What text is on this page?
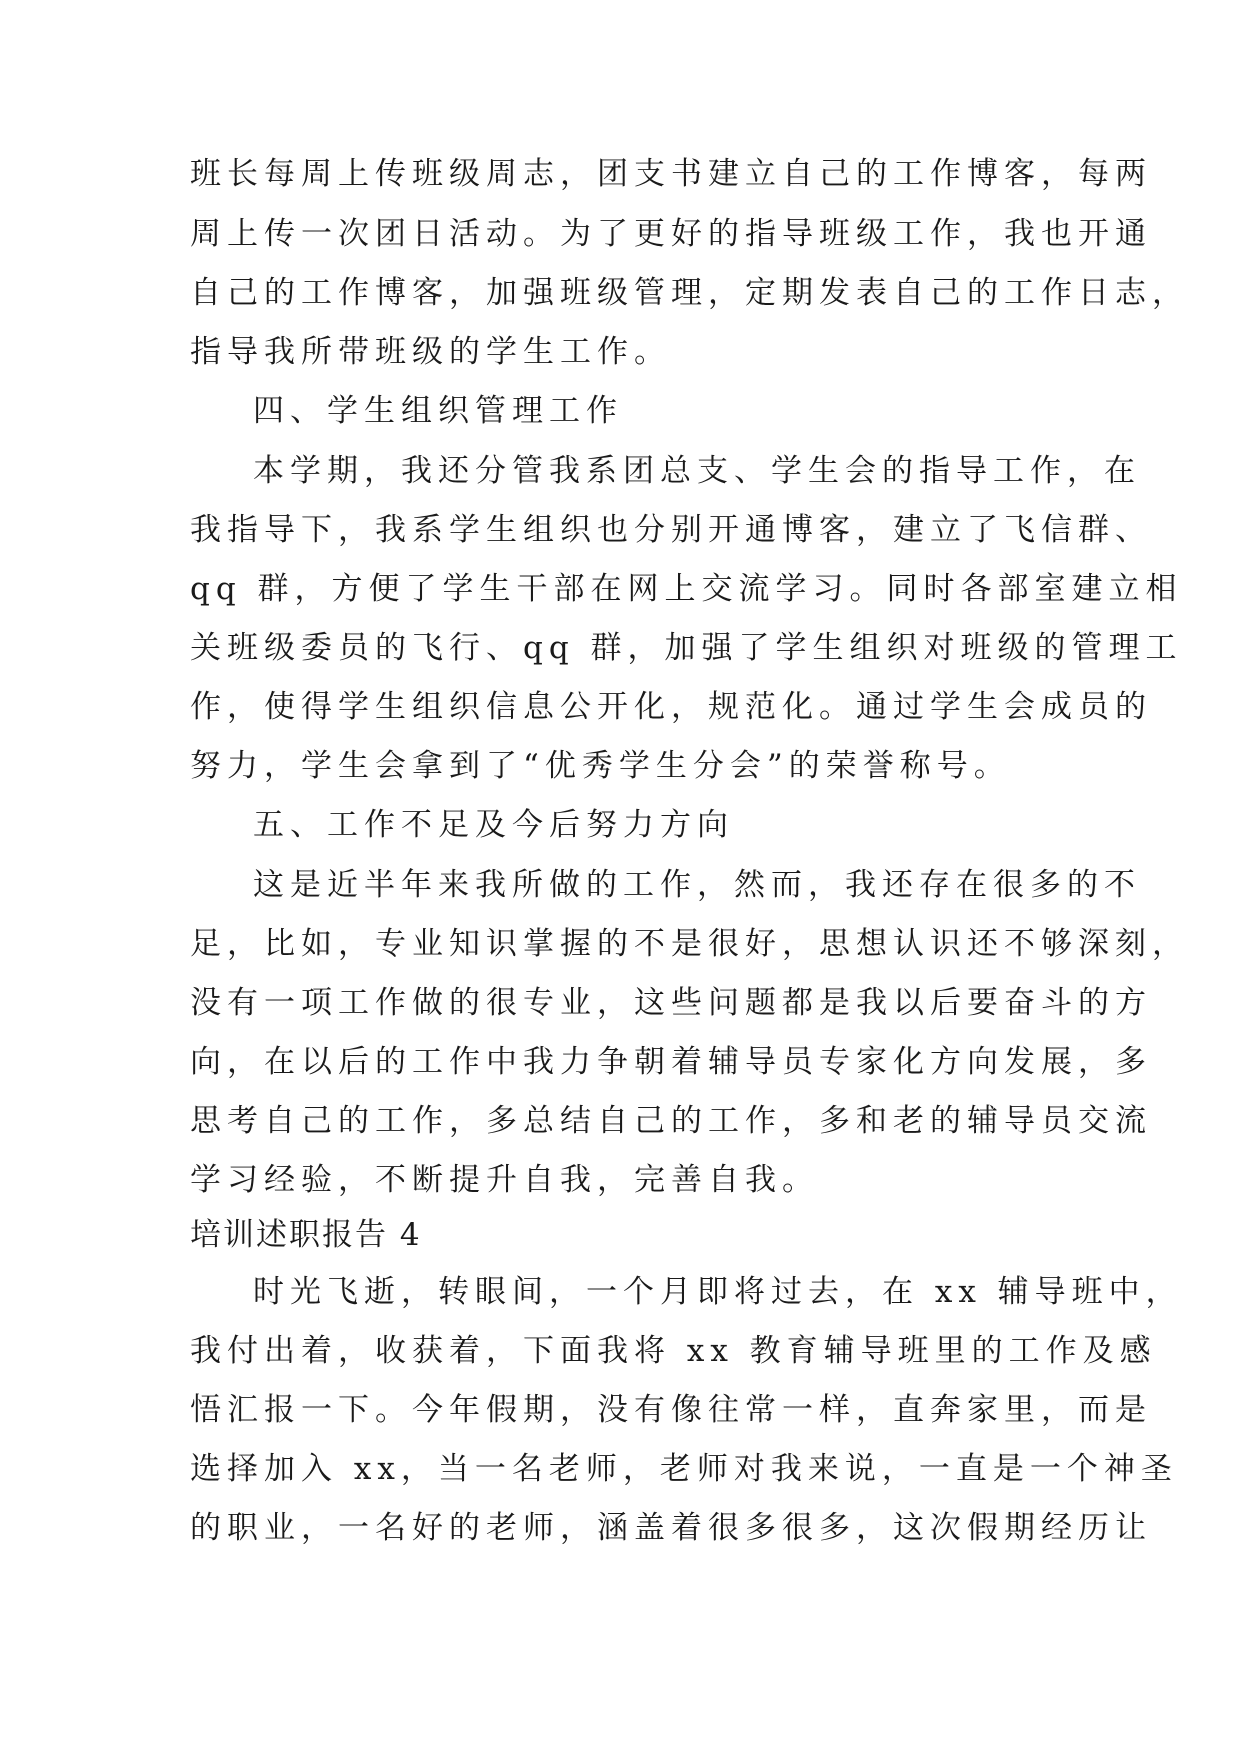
班长每周上传班级周志，团支书建立自己的工作博客，每两
周上传一次团日活动。为了更好的指导班级工作，我也开通
自己的工作博客，加强班级管理，定期发表自己的工作日志，
指导我所带班级的学生工作。
四、学生组织管理工作
本学期，我还分管我系团总支、学生会的指导工作，在
我指导下，我系学生组织也分别开通博客，建立了飞信群、
qq 群，方便了学生干部在网上交流学习。同时各部室建立相
关班级委员的飞行、qq 群，加强了学生组织对班级的管理工
作，使得学生组织信息公开化，规范化。通过学生会成员的
努力，学生会拿到了“优秀学生分会”的荣誉称号。
五、工作不足及今后努力方向
这是近半年来我所做的工作，然而，我还存在很多的不
足，比如，专业知识掌握的不是很好，思想认识还不够深刻，
没有一项工作做的很专业，这些问题都是我以后要奋斗的方
向，在以后的工作中我力争朝着辅导员专家化方向发展，多
思考自己的工作，多总结自己的工作，多和老的辅导员交流
学习经验，不断提升自我，完善自我。
培训述职报告 4
时光飞逝，转眼间，一个月即将过去，在 xx 辅导班中，
我付出着，收获着，下面我将 xx 教育辅导班里的工作及感
悟汇报一下。今年假期，没有像往常一样，直奔家里，而是
选择加入 xx，当一名老师，老师对我来说，一直是一个神圣
的职业，一名好的老师，涵盖着很多很多，这次假期经历让
